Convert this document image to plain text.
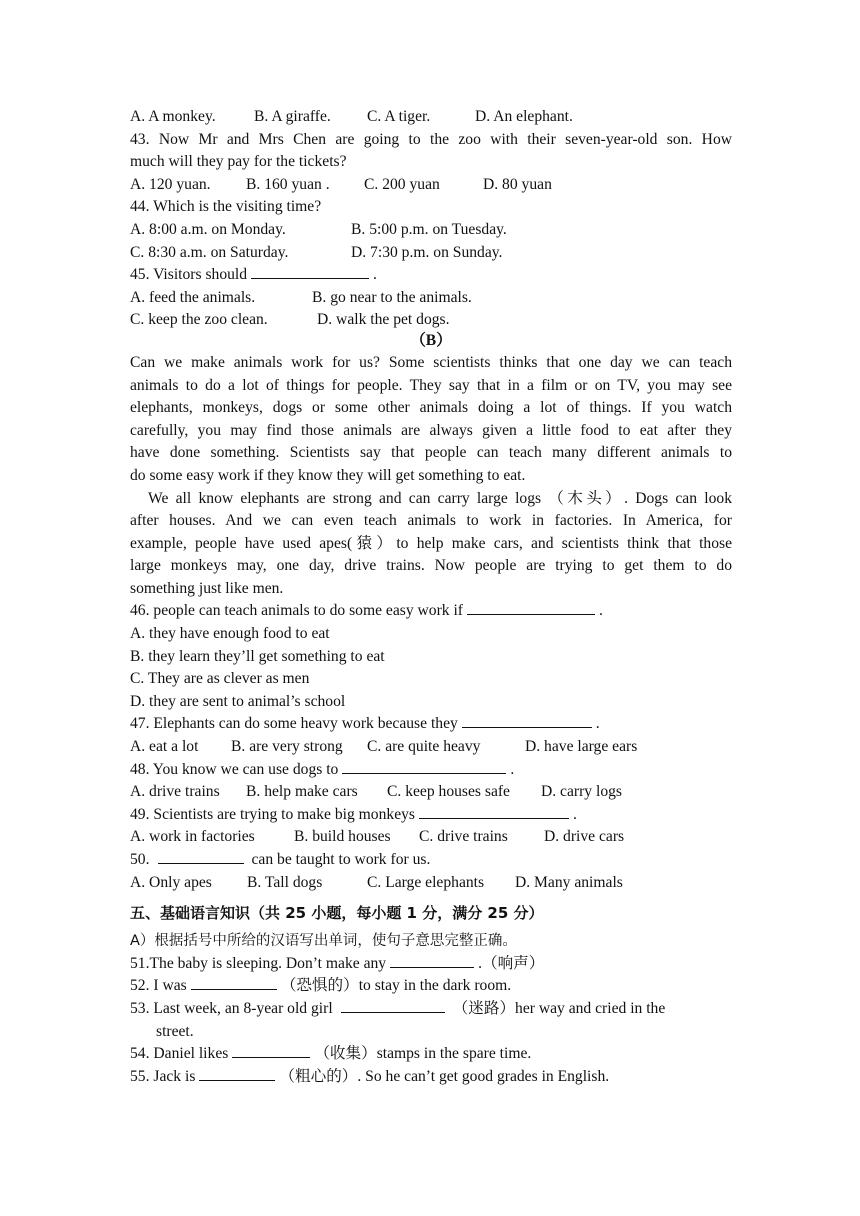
A. A monkey. B. A giraffe. C. A tiger.	D. An elephant.
43. Now Mr and Mrs Chen are going to the zoo with their seven-year-old son. How
much will they pay for the tickets?
A. 120 yuan. B. 160 yuan . C. 200 yuan	D. 80 yuan
44. Which is the visiting time?
A. 8:00 a.m. on Monday.	B. 5:00 p.m. on Tuesday.
C. 8:30 a.m. on Saturday.	D. 7:30 p.m. on Sunday.
45. Visitors should	.
A. feed the animals.	B. go near to the animals.
C. keep the zoo clean.	D. walk the pet dogs.
（B）
Can we make animals work for us? Some scientists thinks that one day we can teach
animals to do a lot of things for people. They say that in a film or on TV, you may see
elephants, monkeys, dogs or some other animals doing a lot of things. If you watch
carefully, you may find those animals are always given a little food to eat after they
have done something. Scientists say that people can teach many different animals to
do some easy work if they know they will get something to eat.
We all know elephants are strong and can carry large logs （木头）. Dogs can look
after houses. And we can even teach animals to work in factories. In America, for
example, people have used apes(猿）to help make cars, and scientists think that those
large monkeys may, one day, drive trains. Now people are trying to get them to do
something just like men.
46. people can teach animals to do some easy work if	.
A. they have enough food to eat
B. they learn they’ll get something to eat
C. They are as clever as men
D. they are sent to animal’s school
47. Elephants can do some heavy work because they	.
A. eat a lot B. are very strong C. are quite heavy	D. have large ears
48. You know we can use dogs to	.
A. drive trains B. help make cars C. keep houses safe D. carry logs
49. Scientists are trying to make big monkeys	.
A. work in factories	B. build houses C. drive trains D. drive cars
50.	can be taught to work for us.
A. Only apes B. Tall dogs	C. Large elephants D. Many animals
五、基础语言知识（共 25 小题，每小题 1 分，满分 25 分）
A）根据括号中所给的汉语写出单词，使句子意思完整正确。
51.The baby is sleeping. Don’t make any	.（响声）
52. I was	（恐惧的）to stay in the dark room.
53. Last week, an 8-year old girl	（迷路）her way and cried in the
street.
54. Daniel likes	（收集）stamps in the spare time.
55. Jack is	（粗心的）. So he can’t get good grades in English.
